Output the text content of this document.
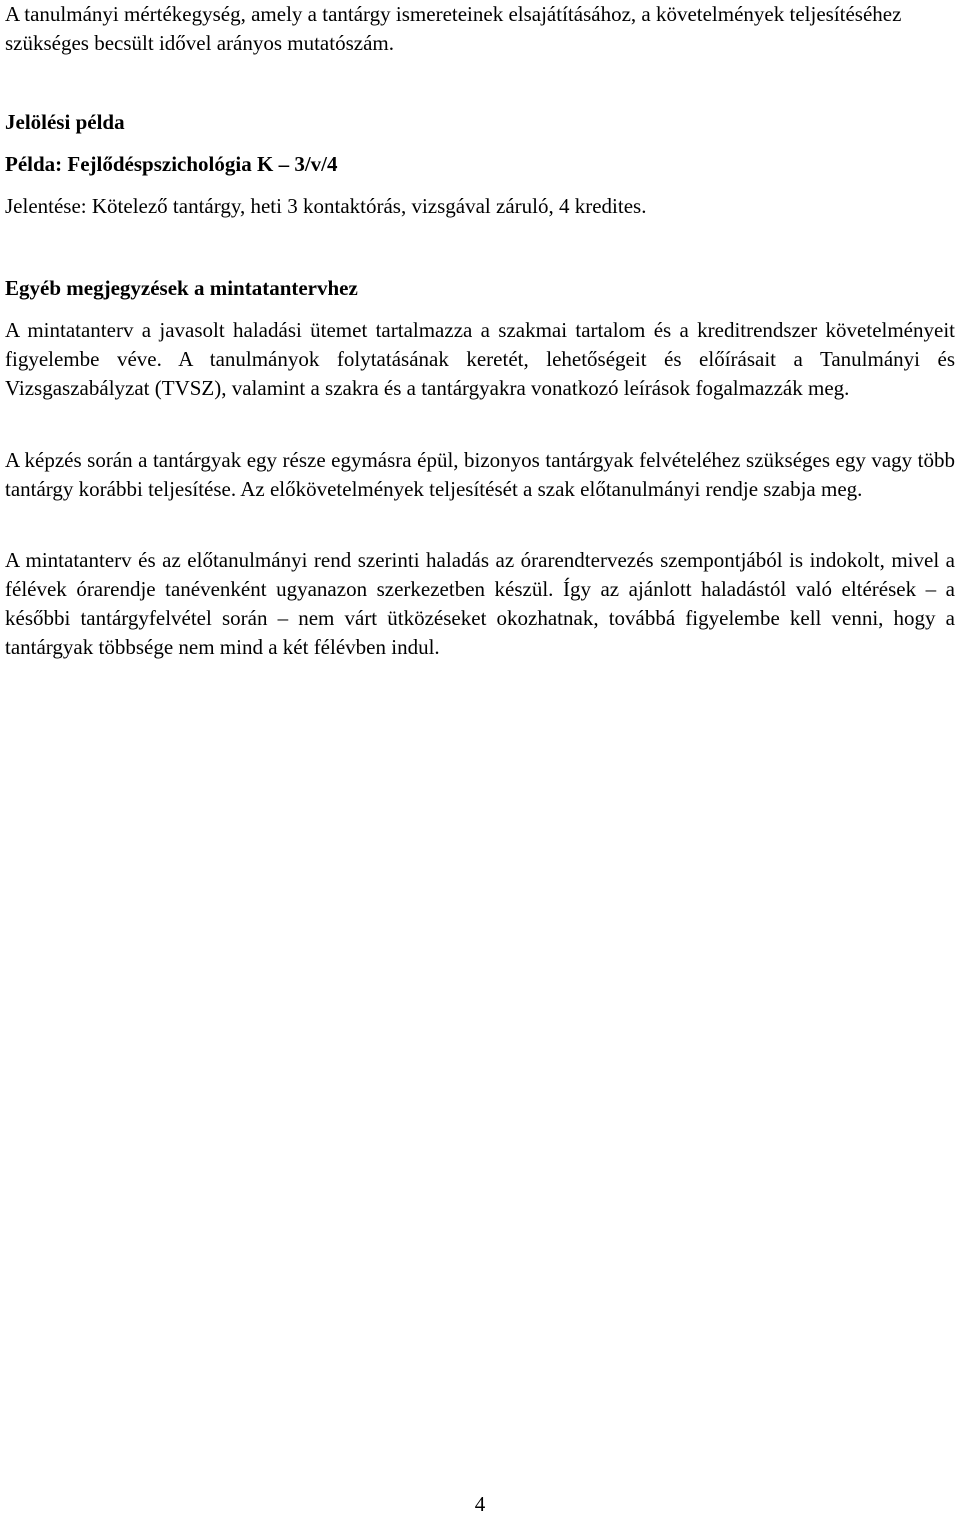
A tanulmányi mértékegység, amely a tantárgy ismereteinek elsajátításához, a követelmények teljesítéséhez szükséges becsült idővel arányos mutatószám.

Jelölési példa
Példa: Fejlődéspszichológia K – 3/v/4
Jelentése: Kötelező tantárgy, heti 3 kontaktórás, vizsgával záruló, 4 kredites.
Egyéb megjegyzések a mintatantervhez

A mintatanterv a javasolt haladási ütemet tartalmazza a szakmai tartalom és a kreditrendszer követelményeit figyelembe véve. A tanulmányok folytatásának keretét, lehetőségeit és előírásait a Tanulmányi és Vizsgaszabályzat (TVSZ), valamint a szakra és a tantárgyakra vonatkozó leírások fogalmazzák meg.

A képzés során a tantárgyak egy része egymásra épül, bizonyos tantárgyak felvételéhez szükséges egy vagy több tantárgy korábbi teljesítése. Az előkövetelmények teljesítését a szak előtanulmányi rendje szabja meg.

A mintatanterv és az előtanulmányi rend szerinti haladás az órarendtervezés szempontjából is indokolt, mivel a félévek órarendje tanévenként ugyanazon szerkezetben készül. Így az ajánlott haladástól való eltérések – a későbbi tantárgyfelvétel során – nem várt ütközéseket okozhatnak, továbbá figyelembe kell venni, hogy a tantárgyak többsége nem mind a két félévben indul.

4
